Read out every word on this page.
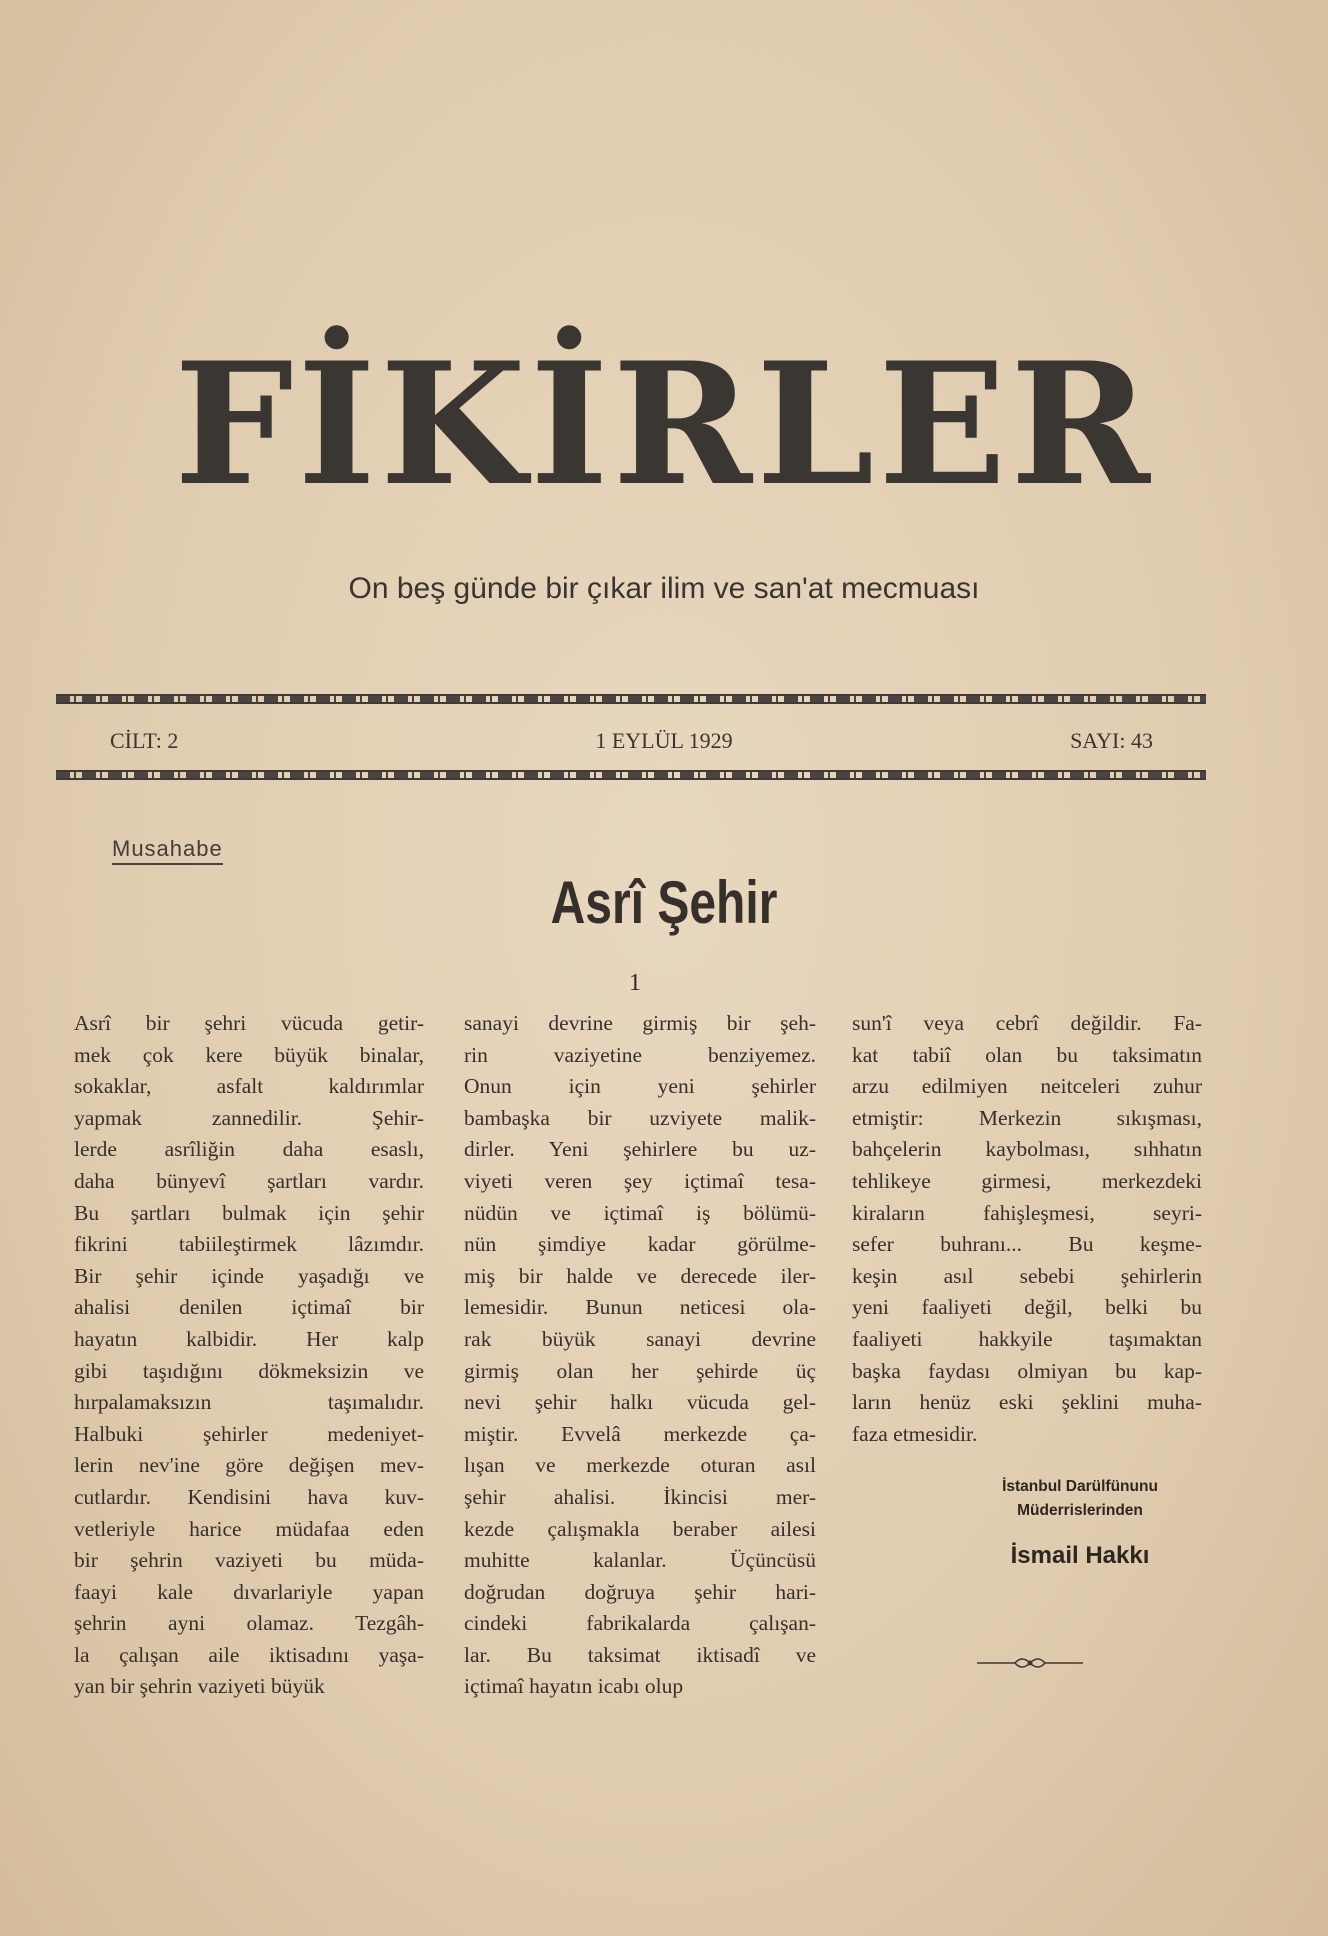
FİKİRLER
On beş günde bir çıkar ilim ve san'at mecmuası
CİLT: 2	1 EYLÜL 1929	SAYI: 43
Musahabe
Asrî Şehir
1
Asrî bir şehri vücuda getir-
mek çok kere büyük binalar,
sokaklar, asfalt kaldırımlar
yapmak zannedilir. Şehir-
lerde asrîliğin daha esaslı,
daha bünyevî şartları vardır.
Bu şartları bulmak için şehir
fikrini tabiileştirmek lâzımdır.
Bir şehir içinde yaşadığı ve
ahalisi denilen içtimaî bir
hayatın kalbidir. Her kalp
gibi taşıdığını dökmeksizin ve
hırpalamaksızın taşımalıdır.
Halbuki şehirler medeniyet-
lerin nev'ine göre değişen mev-
cutlardır. Kendisini hava kuv-
vetleriyle harice müdafaa eden
bir şehrin vaziyeti bu müda-
faayi kale dıvarlariyle yapan
şehrin ayni olamaz. Tezgâh-
la çalışan aile iktisadını yaşa-
yan bir şehrin vaziyeti büyük
sanayi devrine girmiş bir şeh-
rin vaziyetine benziyemez.
Onun için yeni şehirler
bambaşka bir uzviyete malik-
dirler. Yeni şehirlere bu uz-
viyeti veren şey içtimaî tesa-
nüdün ve içtimaî iş bölümü-
nün şimdiye kadar görülme-
miş bir halde ve derecede iler-
lemesidir. Bunun neticesi ola-
rak büyük sanayi devrine
girmiş olan her şehirde üç
nevi şehir halkı vücuda gel-
miştir. Evvelâ merkezde ça-
lışan ve merkezde oturan asıl
şehir ahalisi. İkincisi mer-
kezde çalışmakla beraber ailesi
muhitte kalanlar. Üçüncüsü
doğrudan doğruya şehir hari-
cindeki fabrikalarda çalışan-
lar. Bu taksimat iktisadî ve
içtimaî hayatın icabı olup
sun'î veya cebrî değildir. Fa-
kat tabiî olan bu taksimatın
arzu edilmiyen neitceleri zuhur
etmiştir: Merkezin sıkışması,
bahçelerin kaybolması, sıhhatın
tehlikeye girmesi, merkezdeki
kiraların fahişleşmesi, seyri-
sefer buhranı... Bu keşme-
keşin asıl sebebi şehirlerin
yeni faaliyeti değil, belki bu
faaliyeti hakkyile taşımaktan
başka faydası olmiyan bu kap-
ların henüz eski şeklini muha-
faza etmesidir.
İstanbul Darülfünunu
Müderrislerinden
İsmail Hakkı
